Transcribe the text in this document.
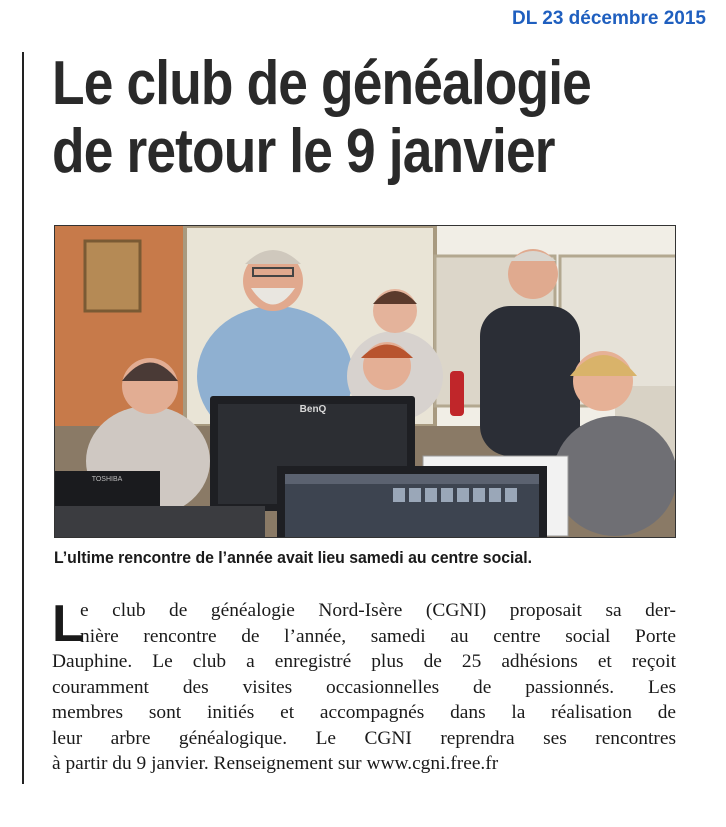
DL 23 décembre 2015
Le club de généalogie
de retour le 9 janvier
BenQ
TOSHIBA
L’ultime rencontre de l’année avait lieu samedi au centre social.
L
e club de généalogie Nord-Isère (CGNI) proposait sa der-
nière rencontre de l’année, samedi au centre social Porte
Dauphine. Le club a enregistré plus de 25 adhésions et reçoit
couramment des visites occasionnelles de passionnés. Les
membres sont initiés et accompagnés dans la réalisation de
leur arbre généalogique. Le CGNI reprendra ses rencontres
à partir du 9 janvier. Renseignement sur www.cgni.free.fr
